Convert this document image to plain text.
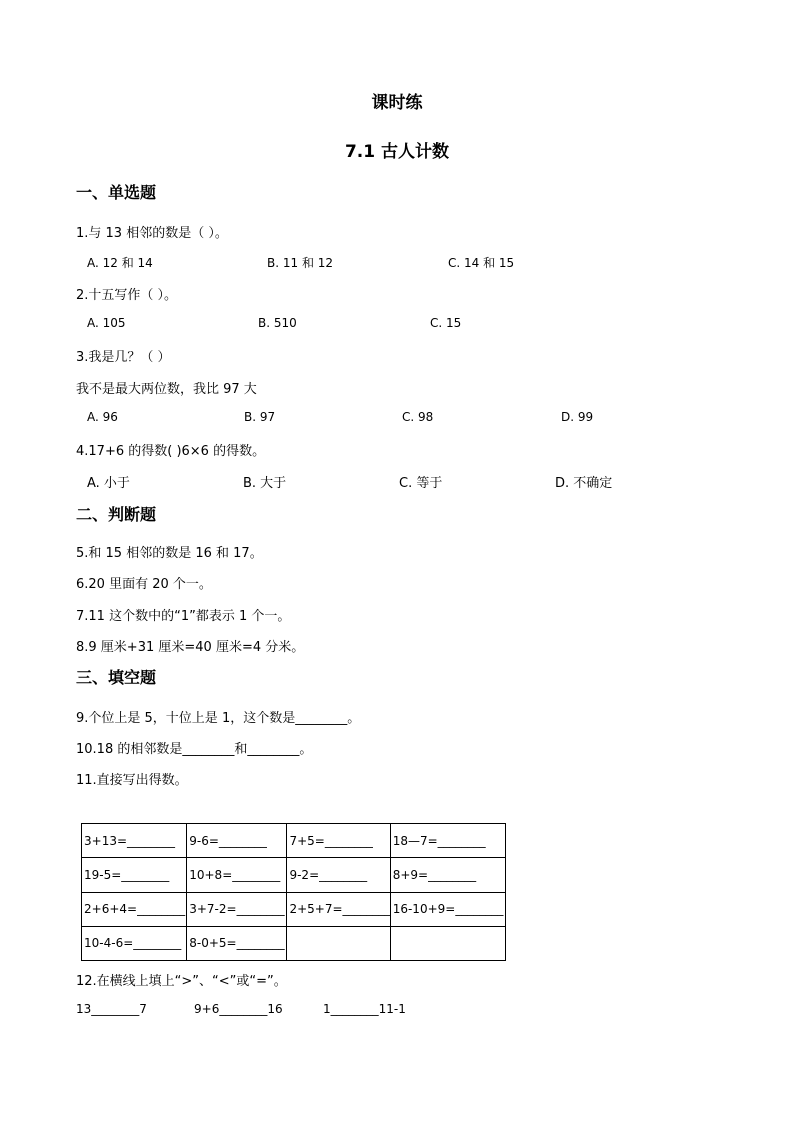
课时练
7.1 古人计数
一、单选题
1.与 13 相邻的数是（ ）。
A. 12 和 14	B. 11 和 12	C. 14 和 15
2.十五写作（ ）。
A. 105	B. 510	C. 15
3.我是几？（ ）
我不是最大两位数，我比 97 大
A. 96	B. 97	C. 98	D. 99
4.17+6 的得数( )6×6 的得数。
A. 小于	B. 大于	C. 等于	D. 不确定
二、判断题
5.和 15 相邻的数是 16 和 17。
6.20 里面有 20 个一。
7.11 这个数中的“1”都表示 1 个一。
8.9 厘米+31 厘米=40 厘米=4 分米。
三、填空题
9.个位上是 5，十位上是 1，这个数是________。
10.18 的相邻数是________和________。
11.直接写出得数。
3+13=________	9-6=________	7+5=________	18—7=________
19-5=________	10+8=________	9-2=________	8+9=________
2+6+4=________	3+7-2=________	2+5+7=________	16-10+9=________
10-4-6=________	8-0+5=________		
12.在横线上填上“>”、“<”或“=”。
13________7	9+6________16	1________11-1
